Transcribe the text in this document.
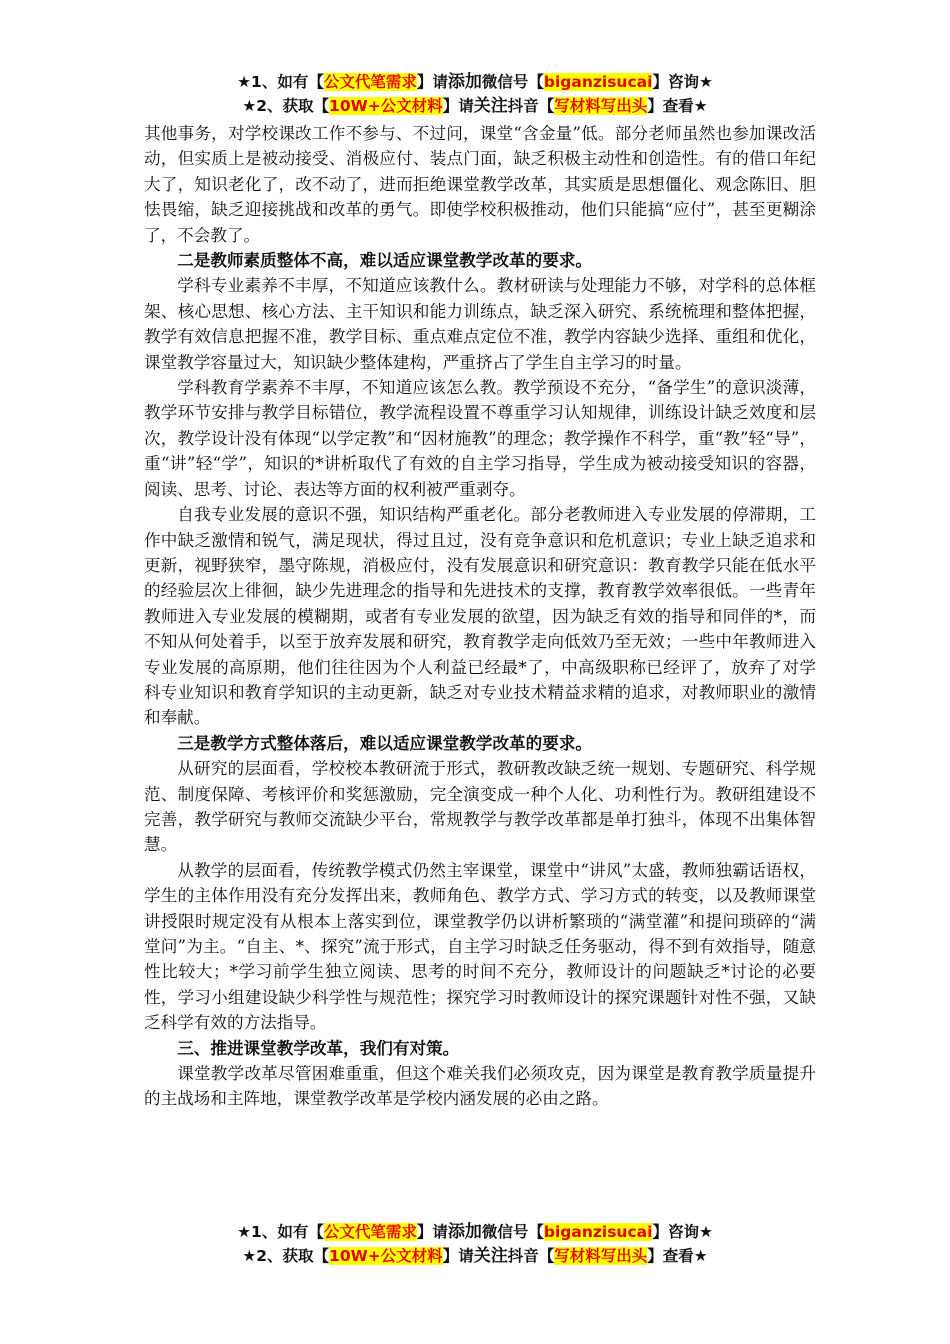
★1、如有【公文代笔需求】请添加微信号【biganzisucai】咨询★
★2、获取【10W+公文材料】请关注抖音【写材料写出头】查看★

其他事务，对学校课改工作不参与、不过问，课堂“含金量”低。部分老师虽然也参加课改活动，但实质上是被动接受、消极应付、装点门面，缺乏积极主动性和创造性。有的借口年纪大了，知识老化了，改不动了，进而拒绝课堂教学改革，其实质是思想僵化、观念陈旧、胆怯畏缩，缺乏迎接挑战和改革的勇气。即使学校积极推动，他们只能搞“应付”，甚至更糊涂了，不会教了。

二是教师素质整体不高，难以适应课堂教学改革的要求。

学科专业素养不丰厚，不知道应该教什么。教材研读与处理能力不够，对学科的总体框架、核心思想、核心方法、主干知识和能力训练点，缺乏深入研究、系统梳理和整体把握，教学有效信息把握不准，教学目标、重点难点定位不准，教学内容缺少选择、重组和优化，课堂教学容量过大，知识缺少整体建构，严重挤占了学生自主学习的时量。

学科教育学素养不丰厚，不知道应该怎么教。教学预设不充分，“备学生”的意识淡薄，教学环节安排与教学目标错位，教学流程设置不尊重学习认知规律，训练设计缺乏效度和层次，教学设计没有体现“以学定教”和“因材施教”的理念；教学操作不科学，重“教”轻“导”，重“讲”轻“学”，知识的*讲析取代了有效的自主学习指导，学生成为被动接受知识的容器，阅读、思考、讨论、表达等方面的权利被严重剥夺。

自我专业发展的意识不强，知识结构严重老化。部分老教师进入专业发展的停滞期，工作中缺乏激情和锐气，满足现状，得过且过，没有竞争意识和危机意识；专业上缺乏追求和更新，视野狭窄，墨守陈规，消极应付，没有发展意识和研究意识：教育教学只能在低水平的经验层次上徘徊，缺少先进理念的指导和先进技术的支撑，教育教学效率很低。一些青年教师进入专业发展的模糊期，或者有专业发展的欲望，因为缺乏有效的指导和同伴的*，而不知从何处着手，以至于放弃发展和研究，教育教学走向低效乃至无效；一些中年教师进入专业发展的高原期，他们往往因为个人利益已经最*了，中高级职称已经评了，放弃了对学科专业知识和教育学知识的主动更新，缺乏对专业技术精益求精的追求，对教师职业的激情和奉献。

三是教学方式整体落后，难以适应课堂教学改革的要求。

从研究的层面看，学校校本教研流于形式，教研教改缺乏统一规划、专题研究、科学规范、制度保障、考核评价和奖惩激励，完全演变成一种个人化、功利性行为。教研组建设不完善，教学研究与教师交流缺少平台，常规教学与教学改革都是单打独斗，体现不出集体智慧。

从教学的层面看，传统教学模式仍然主宰课堂，课堂中“讲风”太盛，教师独霸话语权，学生的主体作用没有充分发挥出来，教师角色、教学方式、学习方式的转变，以及教师课堂讲授限时规定没有从根本上落实到位，课堂教学仍以讲析繁琐的“满堂灌”和提问琐碎的“满堂问”为主。“自主、*、探究”流于形式，自主学习时缺乏任务驱动，得不到有效指导，随意性比较大；*学习前学生独立阅读、思考的时间不充分，教师设计的问题缺乏*讨论的必要性，学习小组建设缺少科学性与规范性；探究学习时教师设计的探究课题针对性不强，又缺乏科学有效的方法指导。

三、推进课堂教学改革，我们有对策。

课堂教学改革尽管困难重重，但这个难关我们必须攻克，因为课堂是教育教学质量提升的主战场和主阵地，课堂教学改革是学校内涵发展的必由之路。

★1、如有【公文代笔需求】请添加微信号【biganzisucai】咨询★
★2、获取【10W+公文材料】请关注抖音【写材料写出头】查看★
